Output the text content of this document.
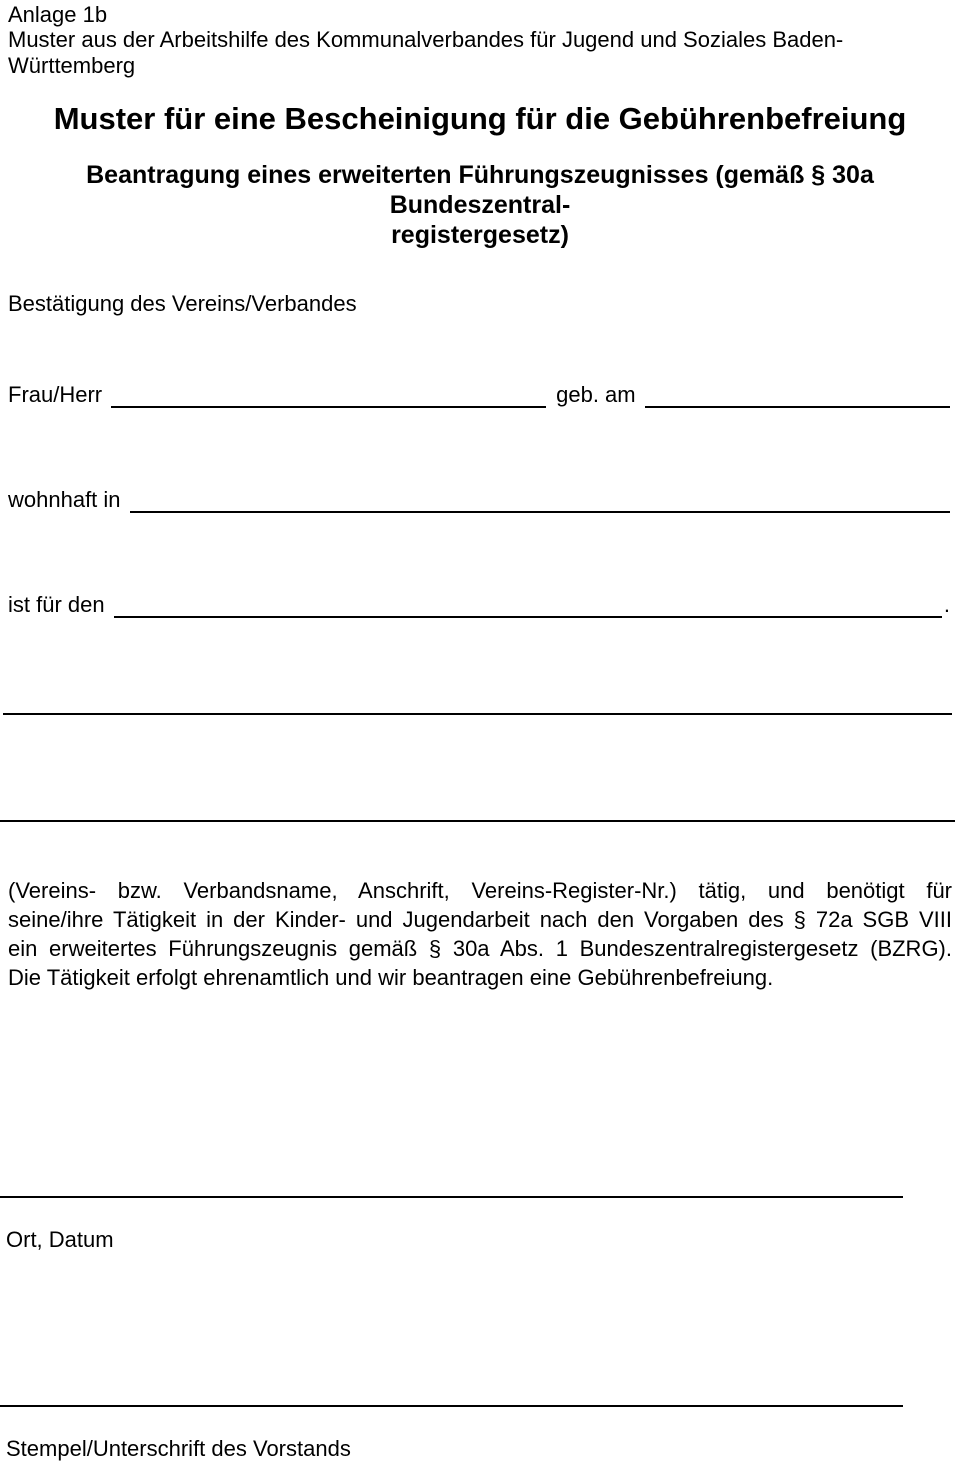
Anlage 1b
Muster aus der Arbeitshilfe des Kommunalverbandes für Jugend und Soziales Baden-Württemberg
Muster für eine Bescheinigung für die Gebührenbefreiung
Beantragung eines erweiterten Führungszeugnisses (gemäß § 30a Bundeszentral-
registergesetz)
Bestätigung des Vereins/Verbandes
Frau/Herr	geb. am
wohnhaft in
ist für den	.
(Vereins- bzw. Verbandsname, Anschrift, Vereins-Register-Nr.) tätig, und benötigt für
seine/ihre Tätigkeit in der Kinder- und Jugendarbeit nach den Vorgaben des § 72a SGB VIII
ein erweitertes Führungszeugnis gemäß § 30a Abs. 1 Bundeszentralregistergesetz (BZRG).
Die Tätigkeit erfolgt ehrenamtlich und wir beantragen eine Gebührenbefreiung.
Ort, Datum
Stempel/Unterschrift des Vorstands
